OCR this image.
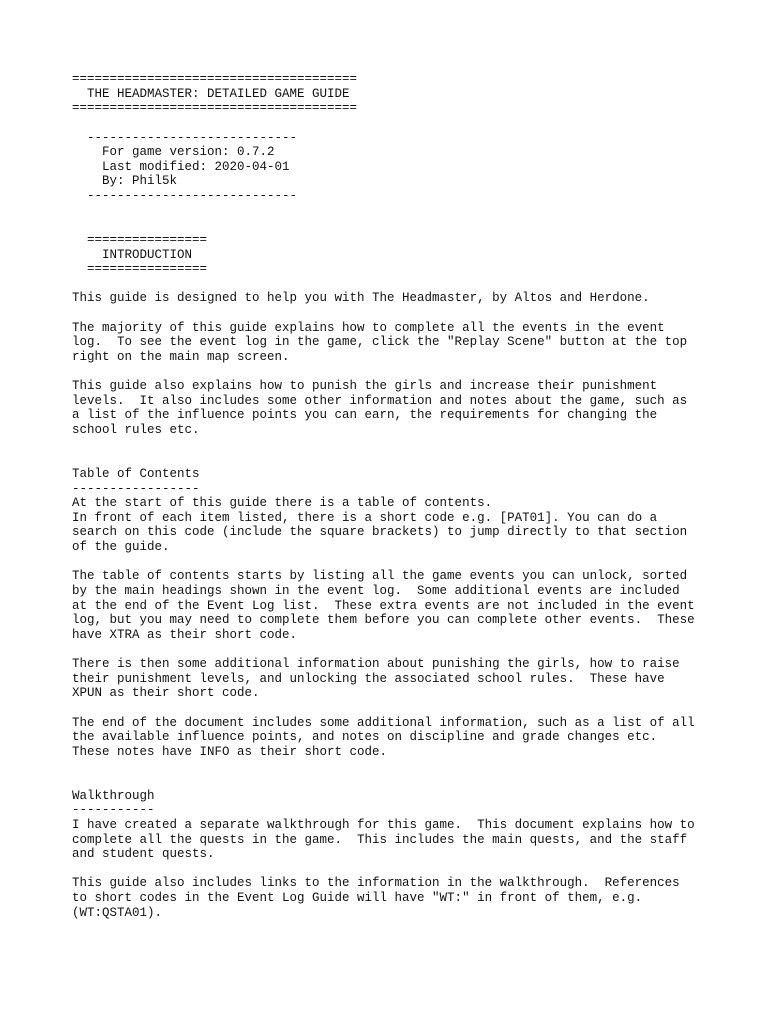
======================================
THE HEADMASTER: DETAILED GAME GUIDE
======================================
----------------------------
For game version: 0.7.2
Last modified: 2020-04-01
By: Phil5k
----------------------------
================
INTRODUCTION
================
This guide is designed to help you with The Headmaster, by Altos and Herdone.
The majority of this guide explains how to complete all the events in the event
log.  To see the event log in the game, click the "Replay Scene" button at the top
right on the main map screen.
This guide also explains how to punish the girls and increase their punishment
levels.  It also includes some other information and notes about the game, such as
a list of the influence points you can earn, the requirements for changing the
school rules etc.
Table of Contents
-----------------
At the start of this guide there is a table of contents.
In front of each item listed, there is a short code e.g. [PAT01]. You can do a
search on this code (include the square brackets) to jump directly to that section
of the guide.
The table of contents starts by listing all the game events you can unlock, sorted
by the main headings shown in the event log.  Some additional events are included
at the end of the Event Log list.  These extra events are not included in the event
log, but you may need to complete them before you can complete other events.  These
have XTRA as their short code.
There is then some additional information about punishing the girls, how to raise
their punishment levels, and unlocking the associated school rules.  These have
XPUN as their short code.
The end of the document includes some additional information, such as a list of all
the available influence points, and notes on discipline and grade changes etc.
These notes have INFO as their short code.
Walkthrough
-----------
I have created a separate walkthrough for this game.  This document explains how to
complete all the quests in the game.  This includes the main quests, and the staff
and student quests.
This guide also includes links to the information in the walkthrough.  References
to short codes in the Event Log Guide will have "WT:" in front of them, e.g.
(WT:QSTA01).
